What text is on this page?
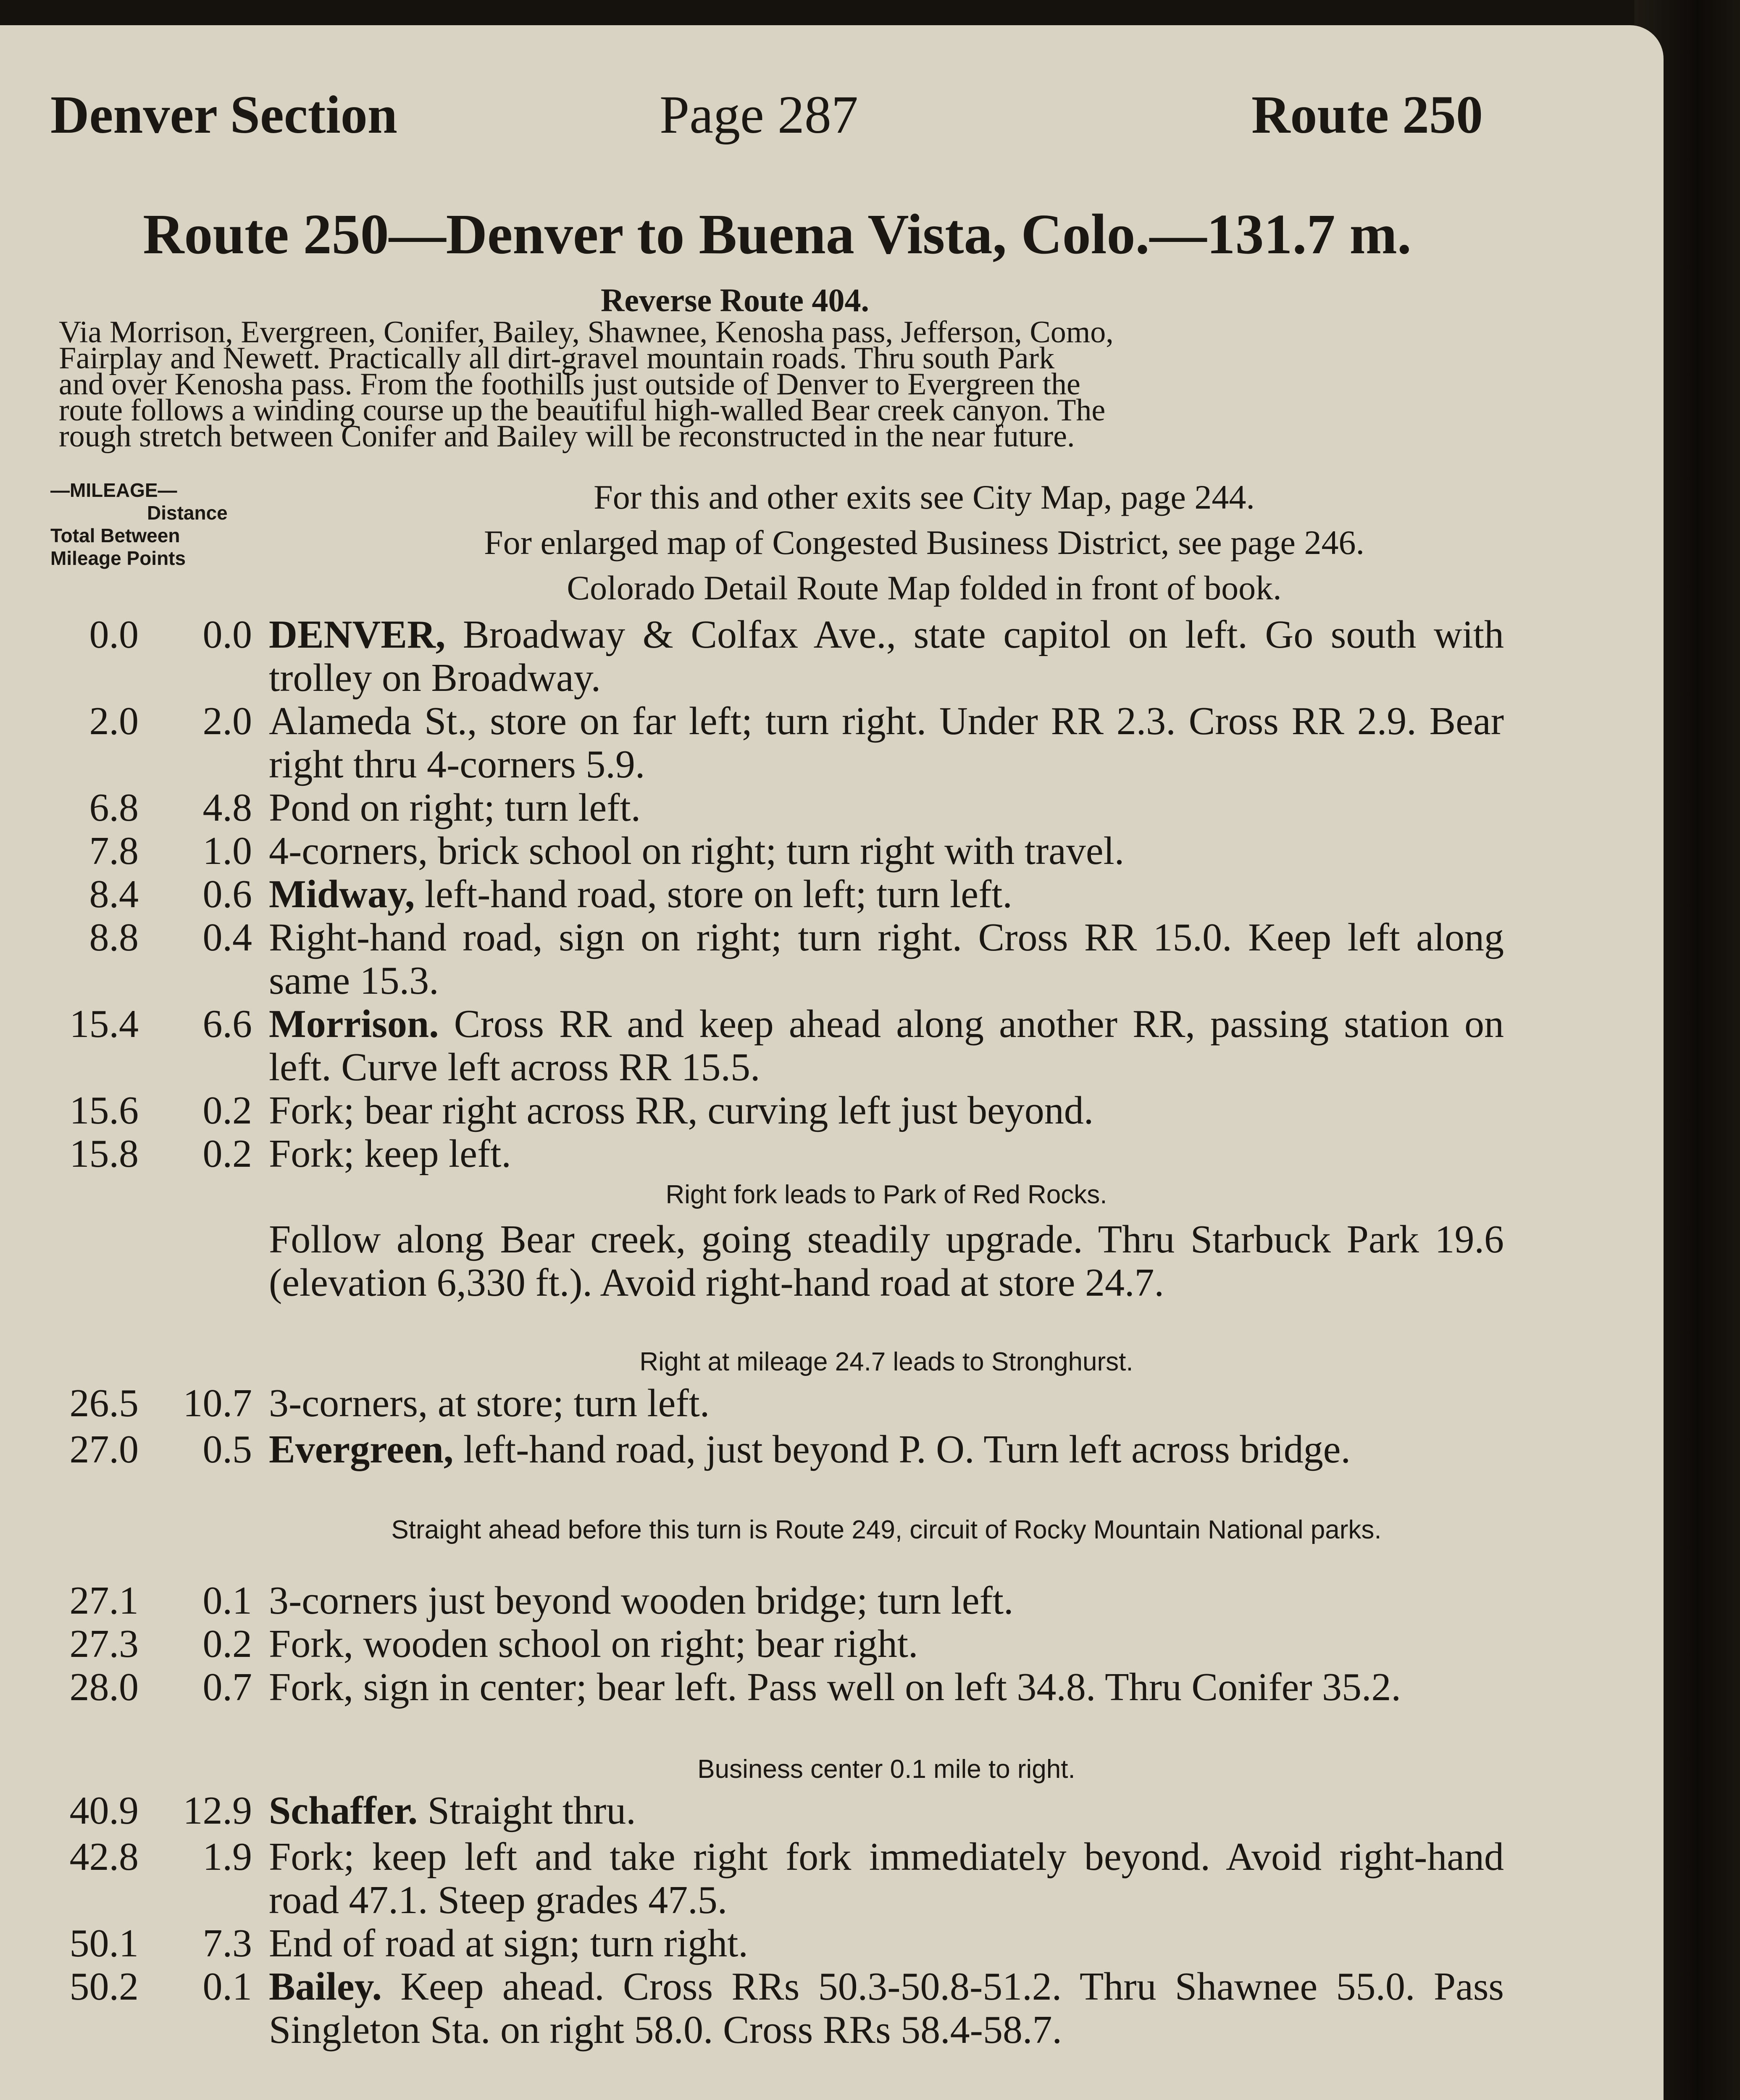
Denver Section	Page 287	Route 250
Route 250—Denver to Buena Vista, Colo.—131.7 m.
Reverse Route 404.
Via Morrison, Evergreen, Conifer, Bailey, Shawnee, Kenosha pass, Jefferson, Como,
Fairplay and Newett. Practically all dirt-gravel mountain roads. Thru south Park
and over Kenosha pass. From the foothills just outside of Denver to Evergreen the
route follows a winding course up the beautiful high-walled Bear creek canyon. The
rough stretch between Conifer and Bailey will be reconstructed in the near future.
—MILEAGE—
Distance
Total Between
Mileage Points
For this and other exits see City Map, page 244.
For enlarged map of Congested Business District, see page 246.
Colorado Detail Route Map folded in front of book.
0.0	0.0 DENVER, Broadway & Colfax Ave., state capitol on left. Go south with trolley on Broadway.
2.0	2.0 Alameda St., store on far left; turn right. Under RR 2.3. Cross RR 2.9. Bear right thru 4-corners 5.9.
6.8	4.8 Pond on right; turn left.
7.8	1.0 4-corners, brick school on right; turn right with travel.
8.4	0.6 Midway, left-hand road, store on left; turn left.
8.8	0.4 Right-hand road, sign on right; turn right. Cross RR 15.0. Keep left along same 15.3.
15.4	6.6 Morrison. Cross RR and keep ahead along another RR, passing station on left. Curve left across RR 15.5.
15.6	0.2 Fork; bear right across RR, curving left just beyond.
15.8	0.2 Fork; keep left.
Right fork leads to Park of Red Rocks.
Follow along Bear creek, going steadily upgrade. Thru Starbuck Park 19.6 (elevation 6,330 ft.). Avoid right-hand road at store 24.7.
Right at mileage 24.7 leads to Stronghurst.
26.5	10.7 3-corners, at store; turn left.
27.0	0.5 Evergreen, left-hand road, just beyond P. O. Turn left across bridge.
Straight ahead before this turn is Route 249, circuit of Rocky Mountain National parks.
27.1	0.1 3-corners just beyond wooden bridge; turn left.
27.3	0.2 Fork, wooden school on right; bear right.
28.0	0.7 Fork, sign in center; bear left. Pass well on left 34.8. Thru Conifer 35.2.
Business center 0.1 mile to right.
40.9	12.9 Schaffer. Straight thru.
42.8	1.9 Fork; keep left and take right fork immediately beyond. Avoid right-hand road 47.1. Steep grades 47.5.
50.1	7.3 End of road at sign; turn right.
50.2	0.1 Bailey. Keep ahead. Cross RRs 50.3-50.8-51.2. Thru Shawnee 55.0. Pass Singleton Sta. on right 58.0. Cross RRs 58.4-58.7.
